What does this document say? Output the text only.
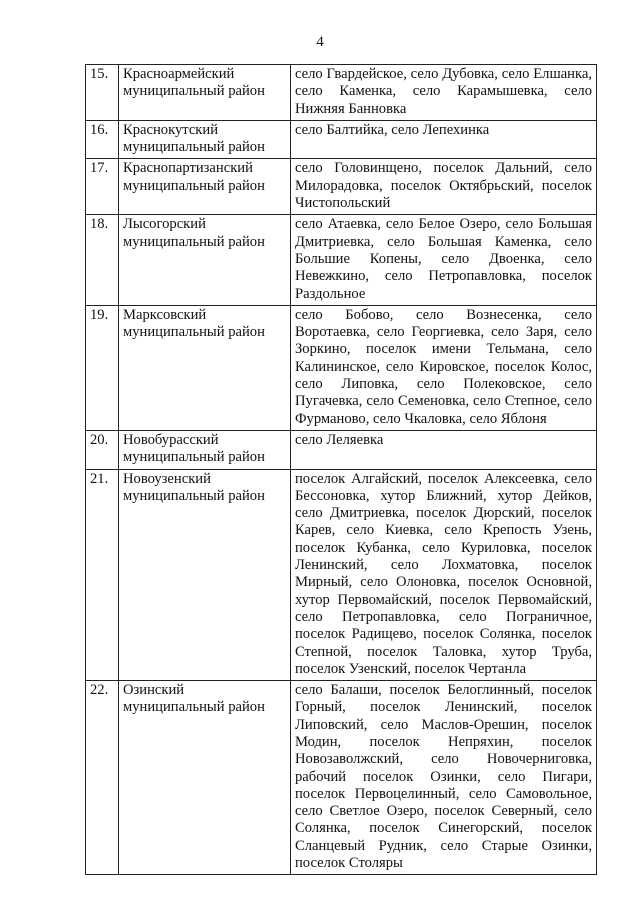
4
15.	Красноармейский муниципальный район	село Гвардейское, село Дубовка, село Елшанка, село Каменка, село Карамышевка, село Нижняя Банновка
16.	Краснокутский муниципальный район	село Балтийка, село Лепехинка
17.	Краснопартизанский муниципальный район	село Головинщено, поселок Дальний, село Милорадовка, поселок Октябрьский, поселок Чистопольский
18.	Лысогорский муниципальный район	село Атаевка, село Белое Озеро, село Большая Дмитриевка, село Большая Каменка, село Большие Копены, село Двоенка, село Невежкино, село Петропавловка, поселок Раздольное
19.	Марксовский муниципальный район	село Бобово, село Вознесенка, село Воротаевка, село Георгиевка, село Заря, село Зоркино, поселок имени Тельмана, село Калининское, село Кировское, поселок Колос, село Липовка, село Полековское, село Пугачевка, село Семеновка, село Степное, село Фурманово, село Чкаловка, село Яблоня
20.	Новобурасский муниципальный район	село Леляевка
21.	Новоузенский муниципальный район	поселок Алгайский, поселок Алексеевка, село Бессоновка, хутор Ближний, хутор Дейков, село Дмитриевка, поселок Дюрский, поселок Карев, село Киевка, село Крепость Узень, поселок Кубанка, село Куриловка, поселок Ленинский, село Лохматовка, поселок Мирный, село Олоновка, поселок Основной, хутор Первомайский, поселок Первомайский, село Петропавловка, село Пограничное, поселок Радищево, поселок Солянка, поселок Степной, поселок Таловка, хутор Труба, поселок Узенский, поселок Чертанла
22.	Озинский муниципальный район	село Балаши, поселок Белоглинный, поселок Горный, поселок Ленинский, поселок Липовский, село Маслов-Орешин, поселок Модин, поселок Непряхин, поселок Новозаволжский, село Новочерниговка, рабочий поселок Озинки, село Пигари, поселок Первоцелинный, село Самовольное, село Светлое Озеро, поселок Северный, село Солянка, поселок Синегорский, поселок Сланцевый Рудник, село Старые Озинки, поселок Столяры
